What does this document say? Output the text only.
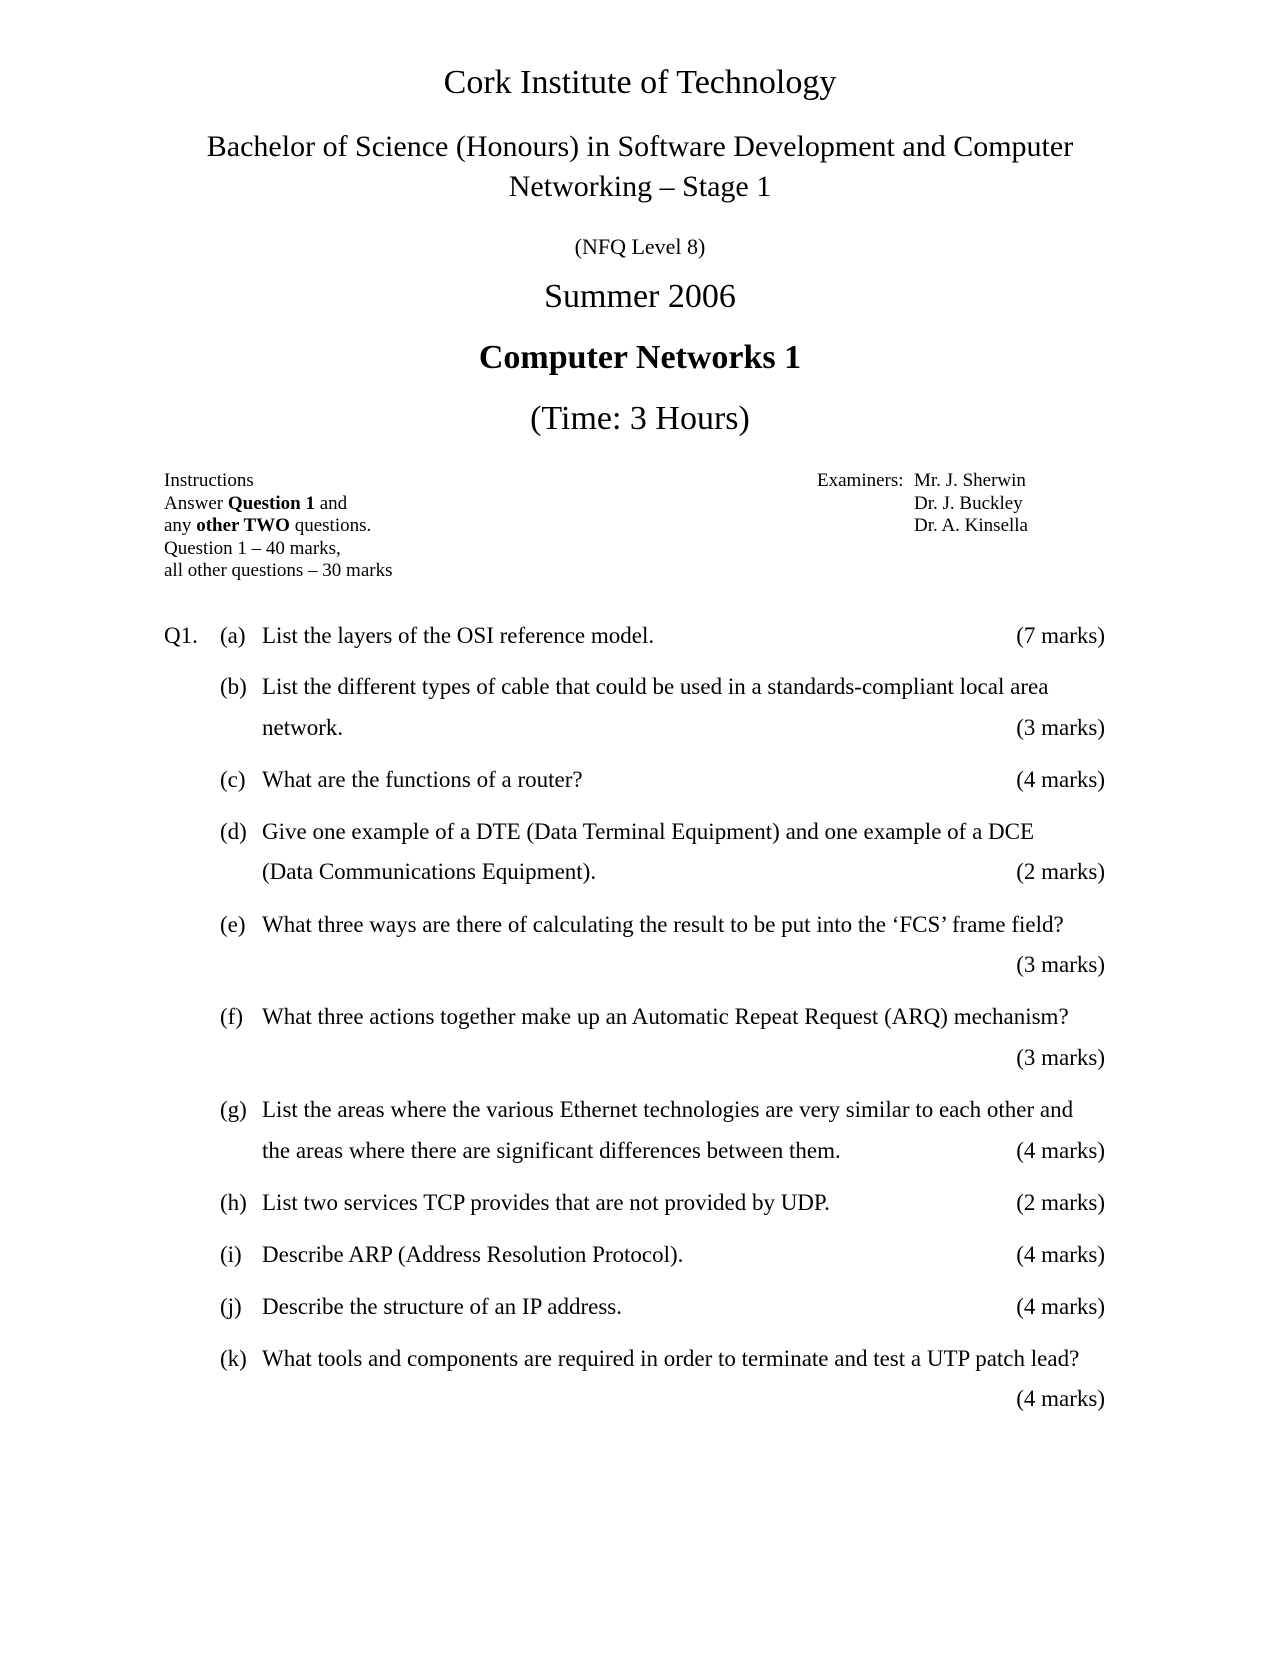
Cork Institute of Technology
Bachelor of Science (Honours) in Software Development and Computer
Networking – Stage 1
(NFQ Level 8)
Summer 2006
Computer Networks 1
(Time: 3 Hours)
Instructions
Answer Question 1 and
any other TWO questions.
Question 1 – 40 marks,
all other questions – 30 marks
Examiners: Mr. J. Sherwin
Dr. J. Buckley
Dr. A. Kinsella
Q1. (a) List the layers of the OSI reference model.	(7 marks)
(b) List the different types of cable that could be used in a standards-compliant local area
network.	(3 marks)
(c) What are the functions of a router?	(4 marks)
(d) Give one example of a DTE (Data Terminal Equipment) and one example of a DCE
(Data Communications Equipment).	(2 marks)
(e) What three ways are there of calculating the result to be put into the ‘FCS’ frame field?
(3 marks)
(f) What three actions together make up an Automatic Repeat Request (ARQ) mechanism?
(3 marks)
(g) List the areas where the various Ethernet technologies are very similar to each other and
the areas where there are significant differences between them.	(4 marks)
(h) List two services TCP provides that are not provided by UDP.	(2 marks)
(i) Describe ARP (Address Resolution Protocol).	(4 marks)
(j) Describe the structure of an IP address.	(4 marks)
(k) What tools and components are required in order to terminate and test a UTP patch lead?
(4 marks)
